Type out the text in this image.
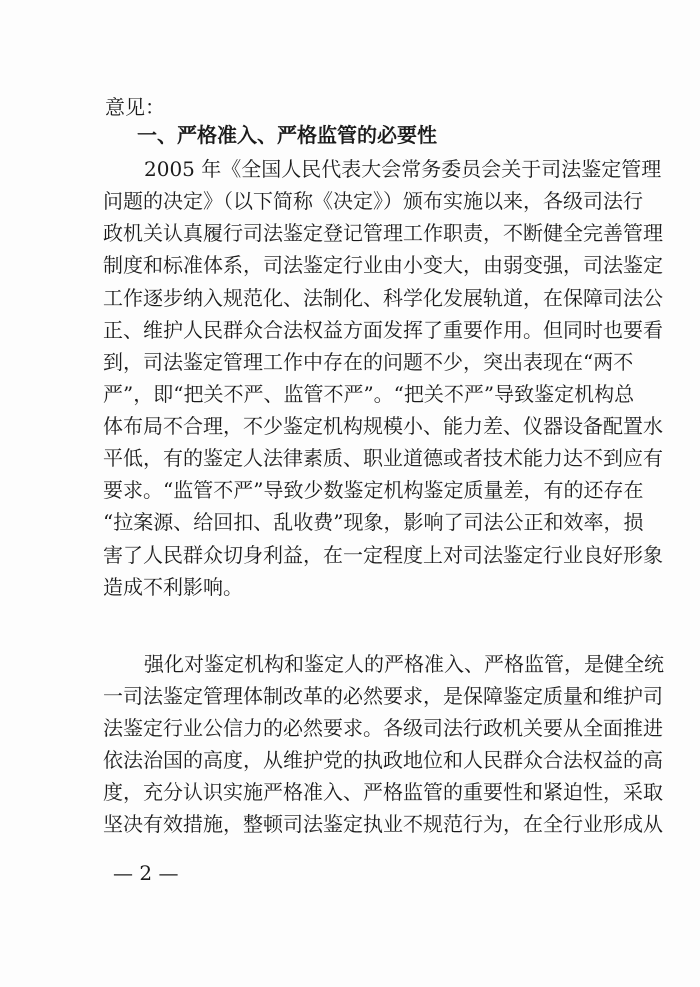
意见：
一、严格准入、严格监管的必要性
2005 年《全国人民代表大会常务委员会关于司法鉴定管理
问题的决定》（以下简称《决定》）颁布实施以来，各级司法行
政机关认真履行司法鉴定登记管理工作职责，不断健全完善管理
制度和标准体系，司法鉴定行业由小变大，由弱变强，司法鉴定
工作逐步纳入规范化、法制化、科学化发展轨道，在保障司法公
正、维护人民群众合法权益方面发挥了重要作用。但同时也要看
到，司法鉴定管理工作中存在的问题不少，突出表现在“两不
严”，即“把关不严、监管不严”。“把关不严”导致鉴定机构总
体布局不合理，不少鉴定机构规模小、能力差、仪器设备配置水
平低，有的鉴定人法律素质、职业道德或者技术能力达不到应有
要求。“监管不严”导致少数鉴定机构鉴定质量差，有的还存在
“拉案源、给回扣、乱收费”现象，影响了司法公正和效率，损
害了人民群众切身利益，在一定程度上对司法鉴定行业良好形象
造成不利影响。
强化对鉴定机构和鉴定人的严格准入、严格监管，是健全统
一司法鉴定管理体制改革的必然要求，是保障鉴定质量和维护司
法鉴定行业公信力的必然要求。各级司法行政机关要从全面推进
依法治国的高度，从维护党的执政地位和人民群众合法权益的高
度，充分认识实施严格准入、严格监管的重要性和紧迫性，采取
坚决有效措施，整顿司法鉴定执业不规范行为，在全行业形成从
— 2 —
